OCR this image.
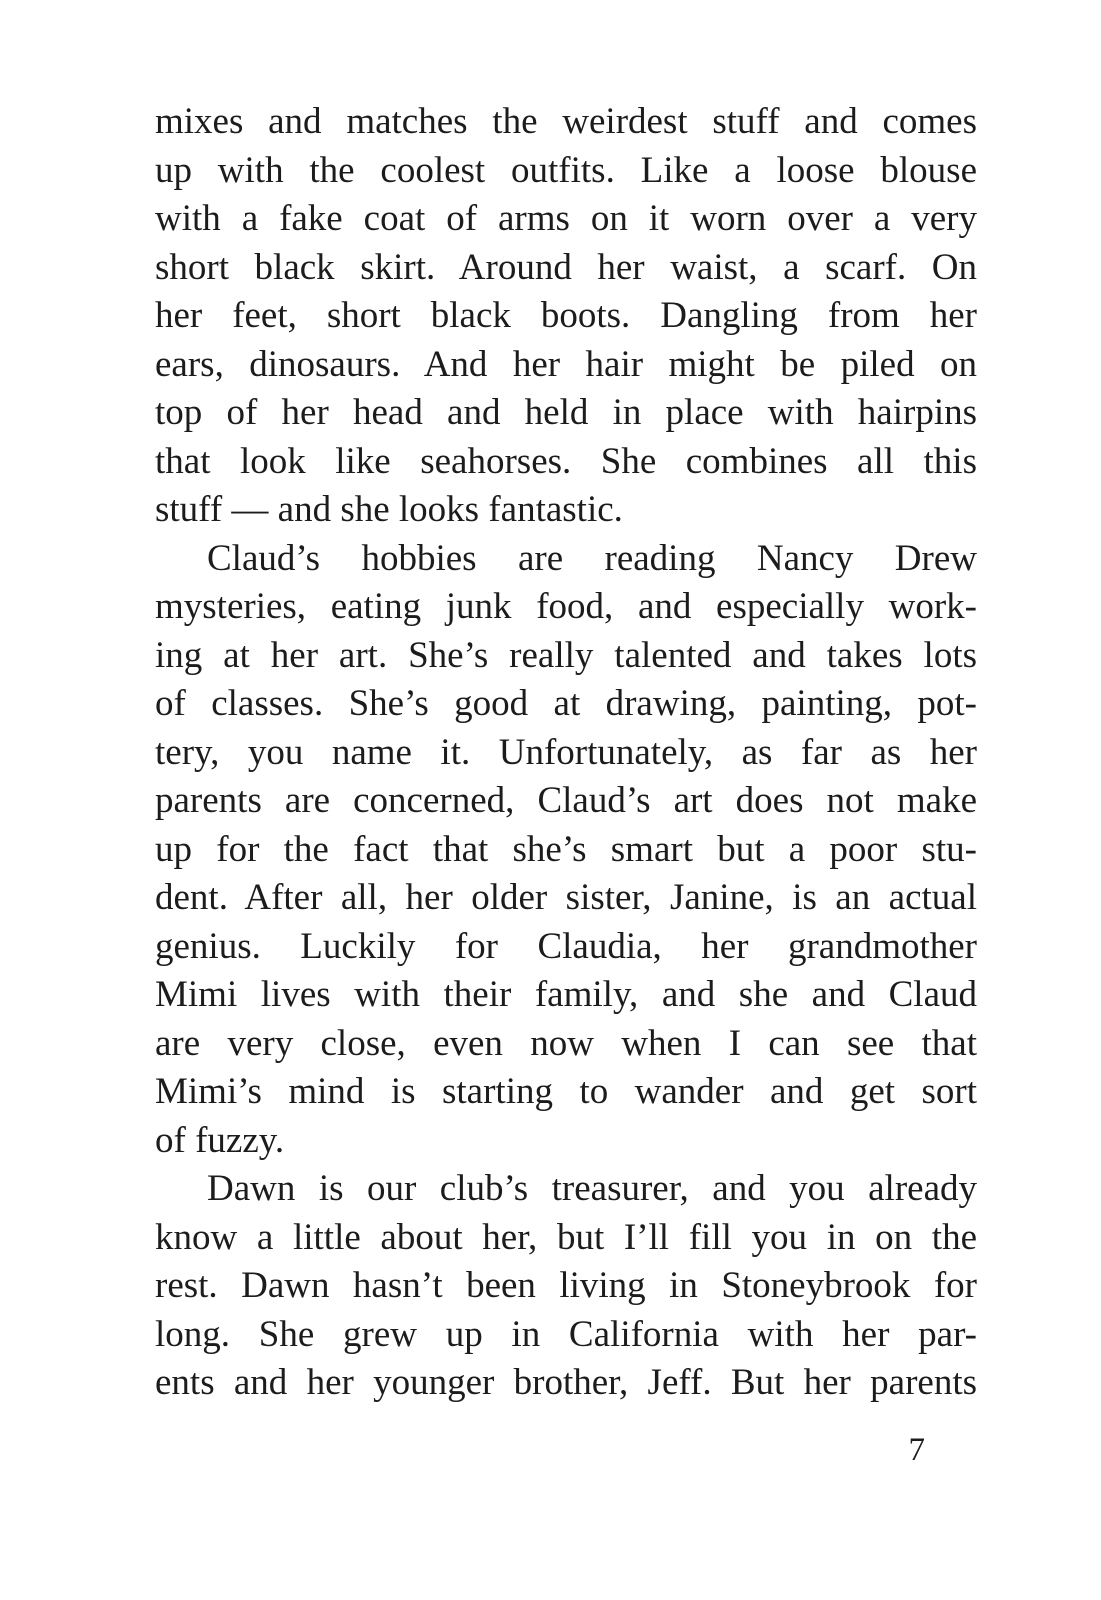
mixes and matches the weirdest stuff and comes
up with the coolest outfits. Like a loose blouse
with a fake coat of arms on it worn over a very
short black skirt. Around her waist, a scarf. On
her feet, short black boots. Dangling from her
ears, dinosaurs. And her hair might be piled on
top of her head and held in place with hairpins
that look like seahorses. She combines all this
stuff — and she looks fantastic.
Claud’s hobbies are reading Nancy Drew
mysteries, eating junk food, and especially work-
ing at her art. She’s really talented and takes lots
of classes. She’s good at drawing, painting, pot-
tery, you name it. Unfortunately, as far as her
parents are concerned, Claud’s art does not make
up for the fact that she’s smart but a poor stu-
dent. After all, her older sister, Janine, is an actual
genius. Luckily for Claudia, her grandmother
Mimi lives with their family, and she and Claud
are very close, even now when I can see that
Mimi’s mind is starting to wander and get sort
of fuzzy.
Dawn is our club’s treasurer, and you already
know a little about her, but I’ll fill you in on the
rest. Dawn hasn’t been living in Stoneybrook for
long. She grew up in California with her par-
ents and her younger brother, Jeff. But her parents
7
